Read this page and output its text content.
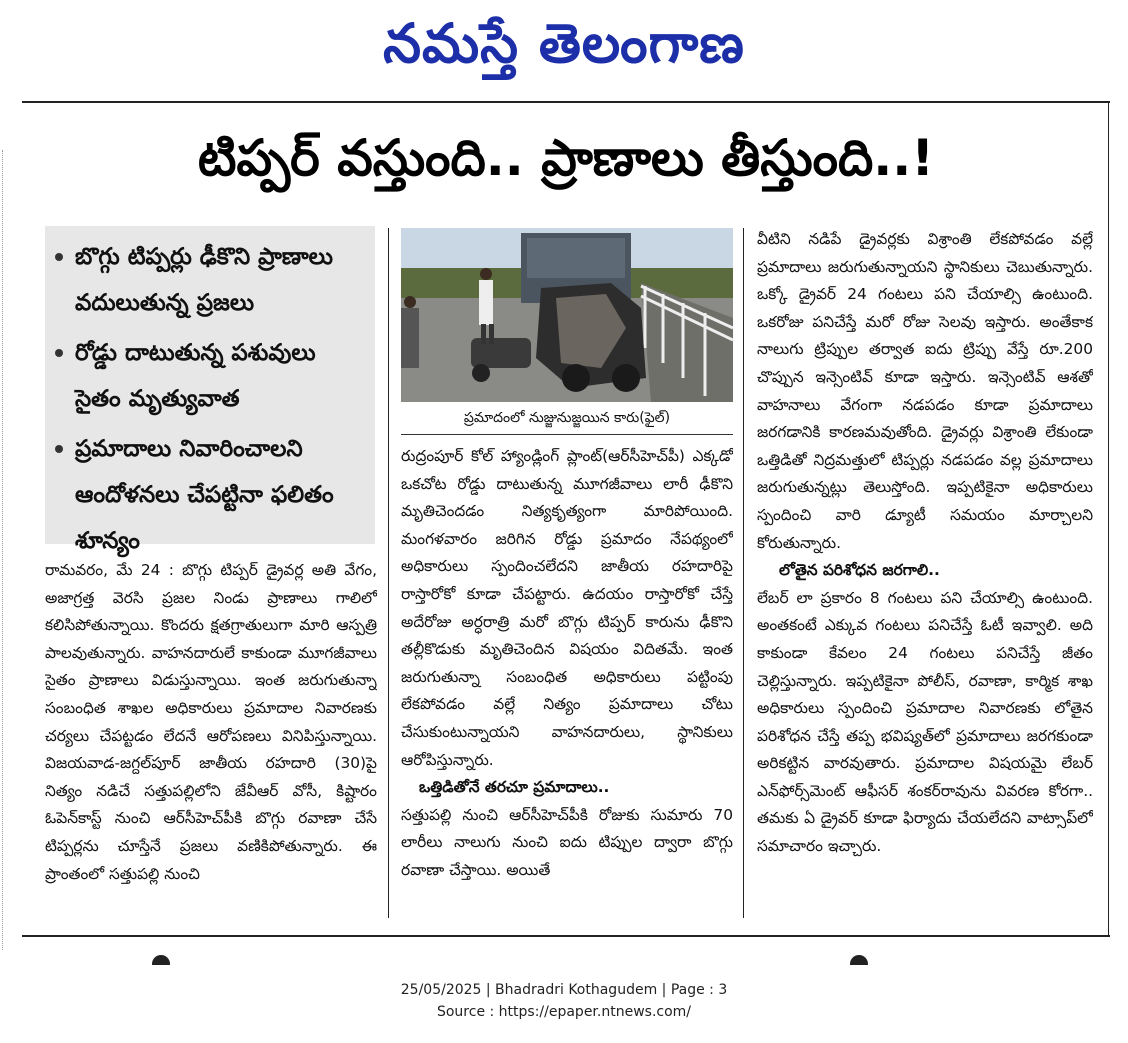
నమస్తే తెలంగాణ
టిప్పర్ వస్తుంది.. ప్రాణాలు తీస్తుంది..!
బొగ్గు టిప్పర్లు ఢీకొని ప్రాణాలు వదులుతున్న ప్రజలు
రోడ్డు దాటుతున్న పశువులు సైతం మృత్యువాత
ప్రమాదాలు నివారించాలని ఆందోళనలు చేపట్టినా ఫలితం శూన్యం
ప్రమాదంలో నుజ్జునుజ్జయిన కారు(ఫైల్)

రామవరం, మే 24 : బొగ్గు టిప్పర్ డ్రైవర్ల అతి వేగం, అజాగ్రత్త వెరసి ప్రజల నిండు ప్రాణాలు గాలిలో కలిసిపోతున్నాయి. కొందరు క్షతగ్రాతులుగా మారి ఆస్పత్రి పాలవుతున్నారు. వాహనదారులే కాకుండా మూగజీవాలు సైతం ప్రాణాలు విడుస్తున్నాయి. ఇంత జరుగుతున్నా సంబంధిత శాఖల అధికారులు ప్రమాదాల నివారణకు చర్యలు చేపట్టడం లేదనే ఆరోపణలు వినిపిస్తున్నాయి. విజయవాడ-జగ్దల్‌పూర్ జాతీయ రహదారి (30)పై నిత్యం నడిచే సత్తుపల్లిలోని జేవీఆర్ వోసీ, కిష్టారం ఓపెన్‌కాస్ట్ నుంచి ఆర్‌సీహెచ్‌పీకి బొగ్గు రవాణా చేసే టిప్పర్లను చూస్తేనే ప్రజలు వణికిపోతున్నారు. ఈ ప్రాంతంలో సత్తుపల్లి నుంచి

రుద్రంపూర్ కోల్ హ్యాండ్లింగ్ ప్లాంట్(ఆర్‌సీహెచ్‌పీ) ఎక్కడో ఒకచోట రోడ్డు దాటుతున్న మూగజీవాలు లారీ ఢీకొని మృతిచెందడం నిత్యకృత్యంగా మారిపోయింది. మంగళవారం జరిగిన రోడ్డు ప్రమాదం నేపథ్యంలో అధికారులు స్పందించలేదని జాతీయ రహదారిపై రాస్తారోకో కూడా చేపట్టారు. ఉదయం రాస్తారోకో చేస్తే అదేరోజు అర్ధరాత్రి మరో బొగ్గు టిప్పర్ కారును ఢీకొని తల్లీకొడుకు మృతిచెందిన విషయం విదితమే. ఇంత జరుగుతున్నా సంబంధిత అధికారులు పట్టింపు లేకపోవడం వల్లే నిత్యం ప్రమాదాలు చోటు చేసుకుంటున్నాయని వాహనదారులు, స్థానికులు ఆరోపిస్తున్నారు.

ఒత్తిడితోనే తరచూ ప్రమాదాలు..

సత్తుపల్లి నుంచి ఆర్‌సీహెచ్‌పీకి రోజుకు సుమారు 70 లారీలు నాలుగు నుంచి ఐదు టిప్పుల ద్వారా బొగ్గు రవాణా చేస్తాయి. అయితే

వీటిని నడిపే డ్రైవర్లకు విశ్రాంతి లేకపోవడం వల్లే ప్రమాదాలు జరుగుతున్నాయని స్థానికులు చెబుతున్నారు. ఒక్కో డ్రైవర్ 24 గంటలు పని చేయాల్సి ఉంటుంది. ఒకరోజు పనిచేస్తే మరో రోజు సెలవు ఇస్తారు. అంతేకాక నాలుగు ట్రిప్పుల తర్వాత ఐదు ట్రిప్పు వేస్తే రూ.200 చొప్పున ఇన్సెంటివ్ కూడా ఇస్తారు. ఇన్సెంటివ్ ఆశతో వాహనాలు వేగంగా నడపడం కూడా ప్రమాదాలు జరగడానికి కారణమవుతోంది. డ్రైవర్లు విశ్రాంతి లేకుండా ఒత్తిడితో నిద్రమత్తులో టిప్పర్లు నడపడం వల్ల ప్రమాదాలు జరుగుతున్నట్లు తెలుస్తోంది. ఇప్పటికైనా అధికారులు స్పందించి వారి డ్యూటీ సమయం మార్చాలని కోరుతున్నారు.

లోతైన పరిశోధన జరగాలి..

లేబర్ లా ప్రకారం 8 గంటలు పని చేయాల్సి ఉంటుంది. అంతకంటే ఎక్కువ గంటలు పనిచేస్తే ఓటీ ఇవ్వాలి. అది కాకుండా కేవలం 24 గంటలు పనిచేస్తే జీతం చెల్లిస్తున్నారు. ఇప్పటికైనా పోలీస్, రవాణా, కార్మిక శాఖ అధికారులు స్పందించి ప్రమాదాల నివారణకు లోతైన పరిశోధన చేస్తే తప్ప భవిష్యత్‌లో ప్రమాదాలు జరగకుండా అరికట్టిన వారవుతారు. ప్రమాదాల విషయమై లేబర్ ఎన్‌ఫోర్స్‌మెంట్ ఆఫీసర్ శంకర్‌రావును వివరణ కోరగా.. తమకు ఏ డ్రైవర్ కూడా ఫిర్యాదు చేయలేదని వాట్సాప్‌లో సమాచారం ఇచ్చారు.

25/05/2025 | Bhadradri Kothagudem | Page : 3
Source : https://epaper.ntnews.com/
